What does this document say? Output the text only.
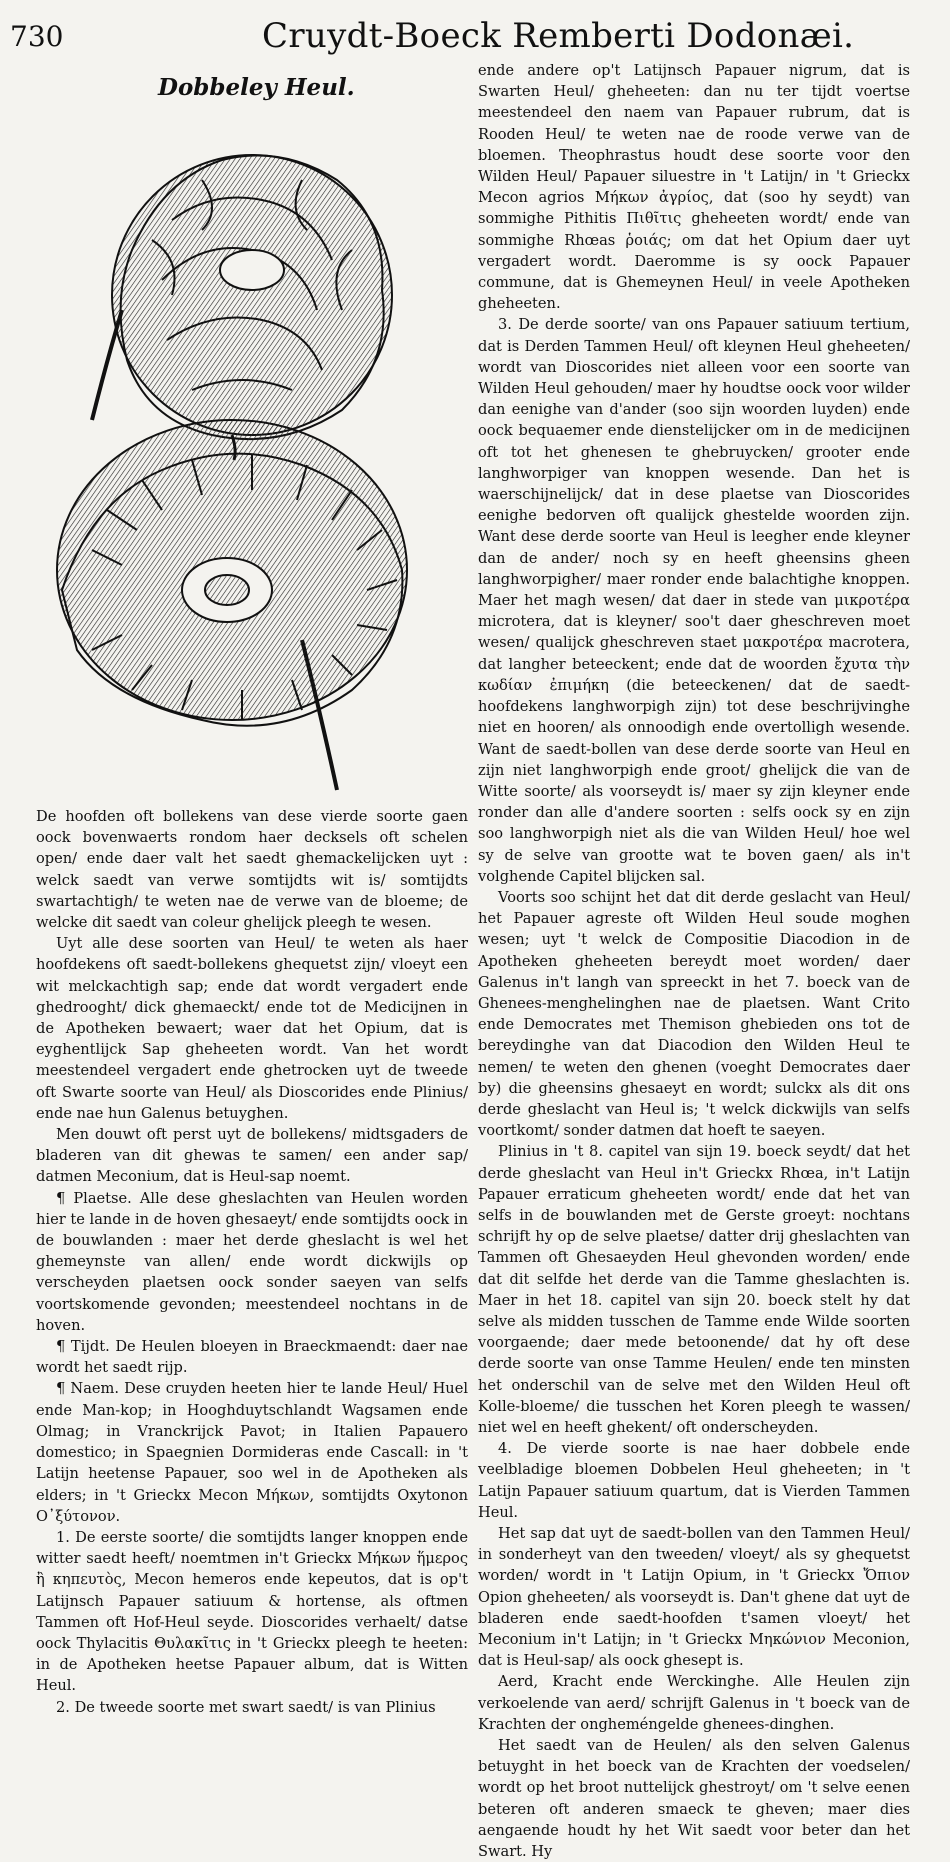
730	Cruydt-Boeck Remberti Dodonæi.
Dobbeley Heul.

De hoofden oft bollekens van dese vierde soorte gaen oock bovenwaerts rondom haer decksels oft schelen open/ ende daer valt het saedt ghemackelijcken uyt : welck saedt van verwe somtijdts wit is/ somtijdts swartachtigh/ te weten nae de verwe van de bloeme; de welcke dit saedt van coleur ghelijck pleegh te wesen.

Uyt alle dese soorten van Heul/ te weten als haer hoofdekens oft saedt-bollekens ghequetst zijn/ vloeyt een wit melckachtigh sap; ende dat wordt vergadert ende ghedrooght/ dick ghemaeckt/ ende tot de Medicijnen in de Apotheken bewaert; waer dat het Opium, dat is eyghentlijck Sap gheheeten wordt. Van het wordt meestendeel vergadert ende ghetrocken uyt de tweede oft Swarte soorte van Heul/ als Dioscorides ende Plinius/ ende nae hun Galenus betuyghen.

Men douwt oft perst uyt de bollekens/ midtsgaders de bladeren van dit ghewas te samen/ een ander sap/ datmen Meconium, dat is Heul-sap noemt.

¶ Plaetse. Alle dese gheslachten van Heulen worden hier te lande in de hoven ghesaeyt/ ende somtijdts oock in de bouwlanden : maer het derde gheslacht is wel het ghemeynste van allen/ ende wordt dickwijls op verscheyden plaetsen oock sonder saeyen van selfs voortskomende gevonden; meestendeel nochtans in de hoven.

¶ Tijdt. De Heulen bloeyen in Braeckmaendt: daer nae wordt het saedt rijp.

¶ Naem. Dese cruyden heeten hier te lande Heul/ Huel ende Man-kop; in Hooghduytschlandt Wagsamen ende Olmag; in Vranckrijck Pavot; in Italien Papauero domestico; in Spaegnien Dormideras ende Cascall: in 't Latijn heetense Papauer, soo wel in de Apotheken als elders; in 't Grieckx Mecon Μήκων, somtijdts Oxytonon Ο᾽ξύτονον.

1. De eerste soorte/ die somtijdts langer knoppen ende witter saedt heeft/ noemtmen in't Grieckx Μήκων ἥμερος ἢ κηπευτὸς, Mecon hemeros ende kepeutos, dat is op't Latijnsch Papauer satiuum & hortense, als oftmen Tammen oft Hof-Heul seyde. Dioscorides verhaelt/ datse oock Thylacitis Θυλακῖτις in 't Grieckx pleegh te heeten: in de Apotheken heetse Papauer album, dat is Witten Heul.

2. De tweede soorte met swart saedt/ is van Plinius

ende andere op't Latijnsch Papauer nigrum, dat is Swarten Heul/ gheheeten: dan nu ter tijdt voertse meestendeel den naem van Papauer rubrum, dat is Rooden Heul/ te weten nae de roode verwe van de bloemen. Theophrastus houdt dese soorte voor den Wilden Heul/ Papauer siluestre in 't Latijn/ in 't Grieckx Mecon agrios Μήκων ἀγρίος, dat (soo hy seydt) van sommighe Pithitis Πιθῖτις gheheeten wordt/ ende van sommighe Rhœas ῥοιάς; om dat het Opium daer uyt vergadert wordt. Daeromme is sy oock Papauer commune, dat is Ghemeynen Heul/ in veele Apotheken gheheeten.

3. De derde soorte/ van ons Papauer satiuum tertium, dat is Derden Tammen Heul/ oft kleynen Heul gheheeten/ wordt van Dioscorides niet alleen voor een soorte van Wilden Heul gehouden/ maer hy houdtse oock voor wilder dan eenighe van d'ander (soo sijn woorden luyden) ende oock bequaemer ende dienstelijcker om in de medicijnen oft tot het ghenesen te ghebruycken/ grooter ende langhworpiger van knoppen wesende. Dan het is waerschijnelijck/ dat in dese plaetse van Dioscorides eenighe bedorven oft qualijck ghestelde woorden zijn. Want dese derde soorte van Heul is leegher ende kleyner dan de ander/ noch sy en heeft gheensins gheen langhworpigher/ maer ronder ende balachtighe knoppen. Maer het magh wesen/ dat daer in stede van μικροτέρα microtera, dat is kleyner/ soo't daer gheschreven moet wesen/ qualijck gheschreven staet μακροτέρα macrotera, dat langher beteeckent; ende dat de woorden ἔχυτα τὴν κωδίαν ἐπιμήκη (die beteeckenen/ dat de saedt-hoofdekens langhworpigh zijn) tot dese beschrijvinghe niet en hooren/ als onnoodigh ende overtolligh wesende. Want de saedt-bollen van dese derde soorte van Heul en zijn niet langhworpigh ende groot/ ghelijck die van de Witte soorte/ als voorseydt is/ maer sy zijn kleyner ende ronder dan alle d'andere soorten : selfs oock sy en zijn soo langhworpigh niet als die van Wilden Heul/ hoe wel sy de selve van grootte wat te boven gaen/ als in't volghende Capitel blijcken sal.

Voorts soo schijnt het dat dit derde geslacht van Heul/ het Papauer agreste oft Wilden Heul soude moghen wesen; uyt 't welck de Compositie Diacodion in de Apotheken gheheeten bereydt moet worden/ daer Galenus in't langh van spreeckt in het 7. boeck van de Ghenees-menghelinghen nae de plaetsen. Want Crito ende Democrates met Themison ghebieden ons tot de bereydinghe van dat Diacodion den Wilden Heul te nemen/ te weten den ghenen (voeght Democrates daer by) die gheensins ghesaeyt en wordt; sulckx als dit ons derde gheslacht van Heul is; 't welck dickwijls van selfs voortkomt/ sonder datmen dat hoeft te saeyen.

Plinius in 't 8. capitel van sijn 19. boeck seydt/ dat het derde gheslacht van Heul in't Grieckx Rhœa, in't Latijn Papauer erraticum gheheeten wordt/ ende dat het van selfs in de bouwlanden met de Gerste groeyt: nochtans schrijft hy op de selve plaetse/ datter drij gheslachten van Tammen oft Ghesaeyden Heul ghevonden worden/ ende dat dit selfde het derde van die Tamme gheslachten is. Maer in het 18. capitel van sijn 20. boeck stelt hy dat selve als midden tusschen de Tamme ende Wilde soorten voorgaende; daer mede betoonende/ dat hy oft dese derde soorte van onse Tamme Heulen/ ende ten minsten het onderschil van de selve met den Wilden Heul oft Kolle-bloeme/ die tusschen het Koren pleegh te wassen/ niet wel en heeft ghekent/ oft onderscheyden.

4. De vierde soorte is nae haer dobbele ende veelbladige bloemen Dobbelen Heul gheheeten; in 't Latijn Papauer satiuum quartum, dat is Vierden Tammen Heul.

Het sap dat uyt de saedt-bollen van den Tammen Heul/ in sonderheyt van den tweeden/ vloeyt/ als sy ghequetst worden/ wordt in 't Latijn Opium, in 't Grieckx Ὄπιον Opion gheheeten/ als voorseydt is. Dan't ghene dat uyt de bladeren ende saedt-hoofden t'samen vloeyt/ het Meconium in't Latijn; in 't Grieckx Μηκώνιον Meconion, dat is Heul-sap/ als oock ghesept is.

Aerd, Kracht ende Werckinghe. Alle Heulen zijn verkoelende van aerd/ schrijft Galenus in 't boeck van de Krachten der ongheméngelde ghenees-dinghen.

Het saedt van de Heulen/ als den selven Galenus betuyght in het boeck van de Krachten der voedselen/ wordt op het broot nuttelijck ghestroyt/ om 't selve eenen beteren oft anderen smaeck te gheven; maer dies aengaende houdt hy het Wit saedt voor beter dan het Swart. Hy
